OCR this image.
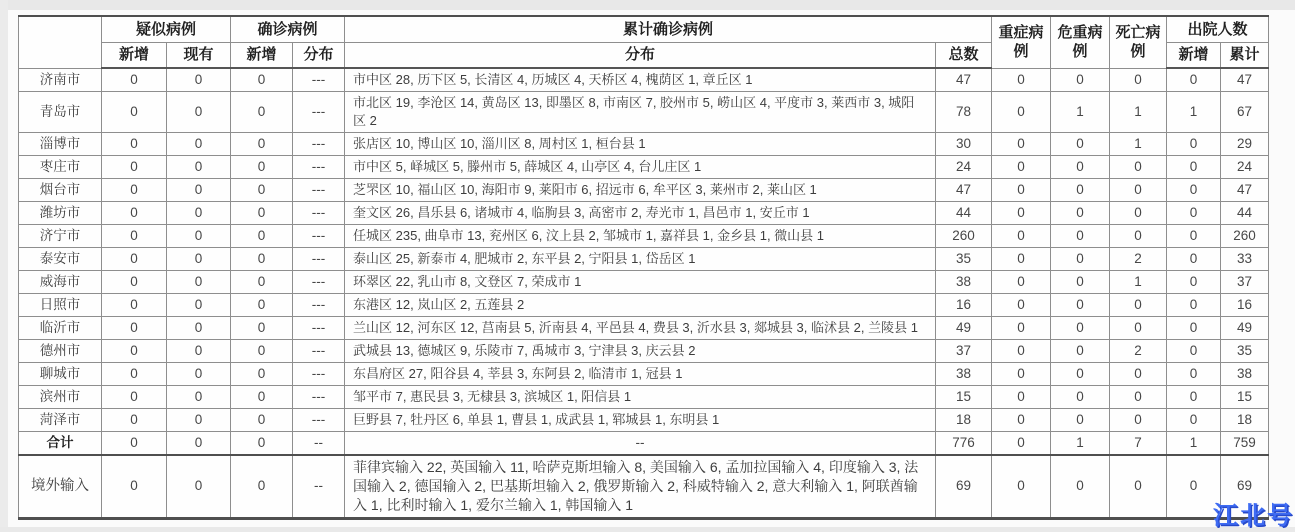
	疑似病例		确诊病例		累计确诊病例		重症病例	危重病例	死亡病例	出院人数	
	新增	现有	新增	分布	分布	总数				新增	累计
济南市	0	0	0	---	市中区 28, 历下区 5, 长清区 4, 历城区 4, 天桥区 4, 槐荫区 1, 章丘区 1	47	0	0	0	0	47
青岛市	0	0	0	---	市北区 19, 李沧区 14, 黄岛区 13, 即墨区 8, 市南区 7, 胶州市 5, 崂山区 4, 平度市 3, 莱西市 3, 城阳区 2	78	0	1	1	1	67
淄博市	0	0	0	---	张店区 10, 博山区 10, 淄川区 8, 周村区 1, 桓台县 1	30	0	0	1	0	29
枣庄市	0	0	0	---	市中区 5, 峄城区 5, 滕州市 5, 薛城区 4, 山亭区 4, 台儿庄区 1	24	0	0	0	0	24
烟台市	0	0	0	---	芝罘区 10, 福山区 10, 海阳市 9, 莱阳市 6, 招远市 6, 牟平区 3, 莱州市 2, 莱山区 1	47	0	0	0	0	47
潍坊市	0	0	0	---	奎文区 26, 昌乐县 6, 诸城市 4, 临朐县 3, 高密市 2, 寿光市 1, 昌邑市 1, 安丘市 1	44	0	0	0	0	44
济宁市	0	0	0	---	任城区 235, 曲阜市 13, 兖州区 6, 汶上县 2, 邹城市 1, 嘉祥县 1, 金乡县 1, 微山县 1	260	0	0	0	0	260
泰安市	0	0	0	---	泰山区 25, 新泰市 4, 肥城市 2, 东平县 2, 宁阳县 1, 岱岳区 1	35	0	0	2	0	33
威海市	0	0	0	---	环翠区 22, 乳山市 8, 文登区 7, 荣成市 1	38	0	0	1	0	37
日照市	0	0	0	---	东港区 12, 岚山区 2, 五莲县 2	16	0	0	0	0	16
临沂市	0	0	0	---	兰山区 12, 河东区 12, 莒南县 5, 沂南县 4, 平邑县 4, 费县 3, 沂水县 3, 郯城县 3, 临沭县 2, 兰陵县 1	49	0	0	0	0	49
德州市	0	0	0	---	武城县 13, 德城区 9, 乐陵市 7, 禹城市 3, 宁津县 3, 庆云县 2	37	0	0	2	0	35
聊城市	0	0	0	---	东昌府区 27, 阳谷县 4, 莘县 3, 东阿县 2, 临清市 1, 冠县 1	38	0	0	0	0	38
滨州市	0	0	0	---	邹平市 7, 惠民县 3, 无棣县 3, 滨城区 1, 阳信县 1	15	0	0	0	0	15
菏泽市	0	0	0	---	巨野县 7, 牡丹区 6, 单县 1, 曹县 1, 成武县 1, 郓城县 1, 东明县 1	18	0	0	0	0	18
合计	0	0	0	--	--	776	0	1	7	1	759
境外输入	0	0	0	--	菲律宾输入 22, 英国输入 11, 哈萨克斯坦输入 8, 美国输入 6, 孟加拉国输入 4, 印度输入 3, 法国输入 2, 德国输入 2, 巴基斯坦输入 2, 俄罗斯输入 2, 科威特输入 2, 意大利输入 1, 阿联酋输入 1, 比利时输入 1, 爱尔兰输入 1, 韩国输入 1	69	0	0	0	0	69
江北号
